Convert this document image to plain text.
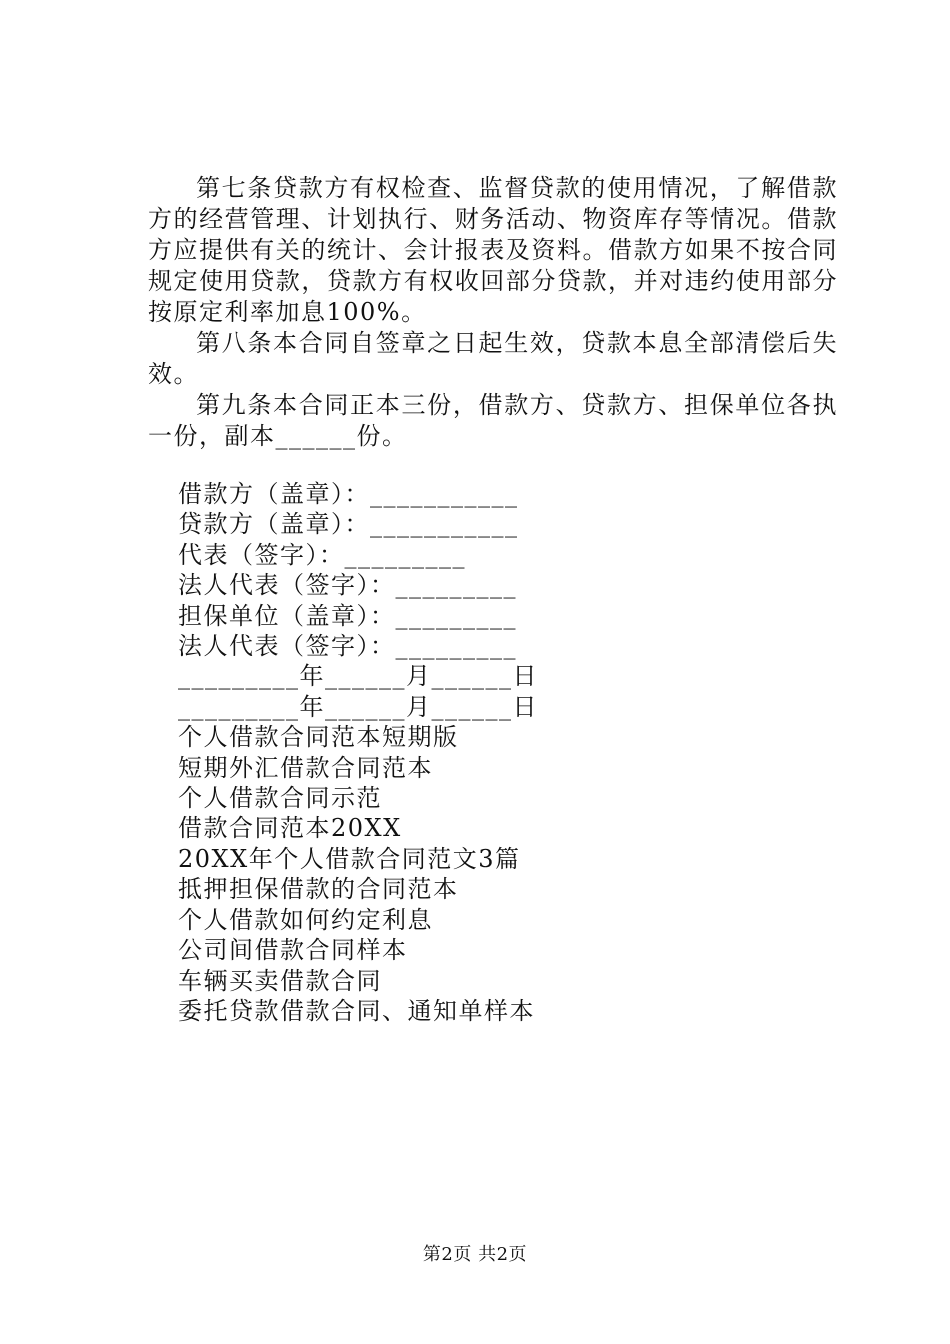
第七条贷款方有权检查、监督贷款的使用情况，了解借款方的经营管理、计划执行、财务活动、物资库存等情况。借款方应提供有关的统计、会计报表及资料。借款方如果不按合同规定使用贷款，贷款方有权收回部分贷款，并对违约使用部分按原定利率加息100%。

第八条本合同自签章之日起生效，贷款本息全部清偿后失效。

第九条本合同正本三份，借款方、贷款方、担保单位各执一份，副本______份。

借款方（盖章）：___________

贷款方（盖章）：___________

代表（签字）：_________

法人代表（签字）：_________

担保单位（盖章）：_________

法人代表（签字）：_________

_________年______月______日

_________年______月______日

个人借款合同范本短期版

短期外汇借款合同范本

个人借款合同示范

借款合同范本20XX

20XX年个人借款合同范文3篇

抵押担保借款的合同范本

个人借款如何约定利息

公司间借款合同样本

车辆买卖借款合同

委托贷款借款合同、通知单样本

第2页 共2页
